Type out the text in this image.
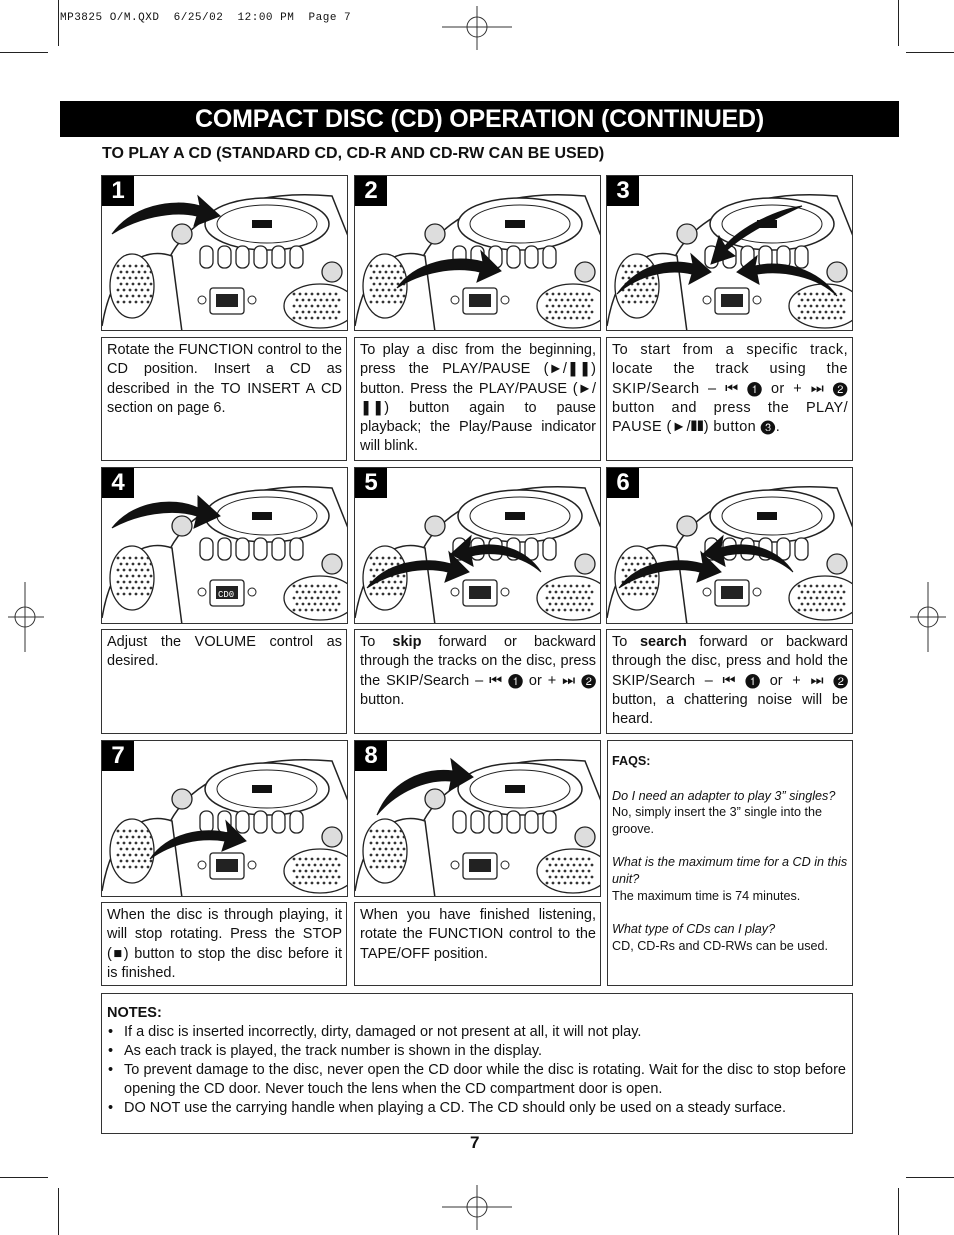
MP3825 O/M.QXD  6/25/02  12:00 PM  Page 7
COMPACT DISC (CD) OPERATION (CONTINUED)
TO PLAY A CD (STANDARD CD, CD-R AND CD-RW CAN BE USED)
1	2	3
4
CD0
5	6
7	8
Rotate the FUNCTION control to the CD position. Insert a CD as described in the TO INSERT A CD section on page 6.
To play a disc from the beginning, press the PLAY/PAUSE (►/❚❚) button. Press the PLAY/PAUSE (►/❚❚) button again to pause playback; the Play/Pause indicator will blink.
To start from a specific track, locate the track using the SKIP/Search – ⏮ ➊ or + ⏭ ➋ button and press the PLAY/ PAUSE (►/❚❚) button ➌.
Adjust the VOLUME control as desired.
To skip forward or backward through the tracks on the disc, press the SKIP/Search – ⏮ ➊ or + ⏭ ➋ button.
To search forward or backward through the disc, press and hold the SKIP/Search – ⏮ ➊ or + ⏭ ➋ button, a chattering noise will be heard.
When the disc is through playing, it will stop rotating. Press the STOP (■) button to stop the disc before it is finished.
When you have finished listening, rotate the FUNCTION control to the TAPE/OFF position.
FAQS:
Do I need an adapter to play 3” singles?
No, simply insert the 3” single into the groove.
What is the maximum time for a CD in this unit?
The maximum time is 74 minutes.
What type of CDs can I play?
CD, CD-Rs and CD-RWs can be used.
NOTES:
• If a disc is inserted incorrectly, dirty, damaged or not present at all, it will not play.
• As each track is played, the track number is shown in the display.
• To prevent damage to the disc, never open the CD door while the disc is rotating. Wait for the disc to stop before opening the CD door. Never touch the lens when the CD compartment door is open.
• DO NOT use the carrying handle when playing a CD. The CD should only be used on a steady surface.
7
